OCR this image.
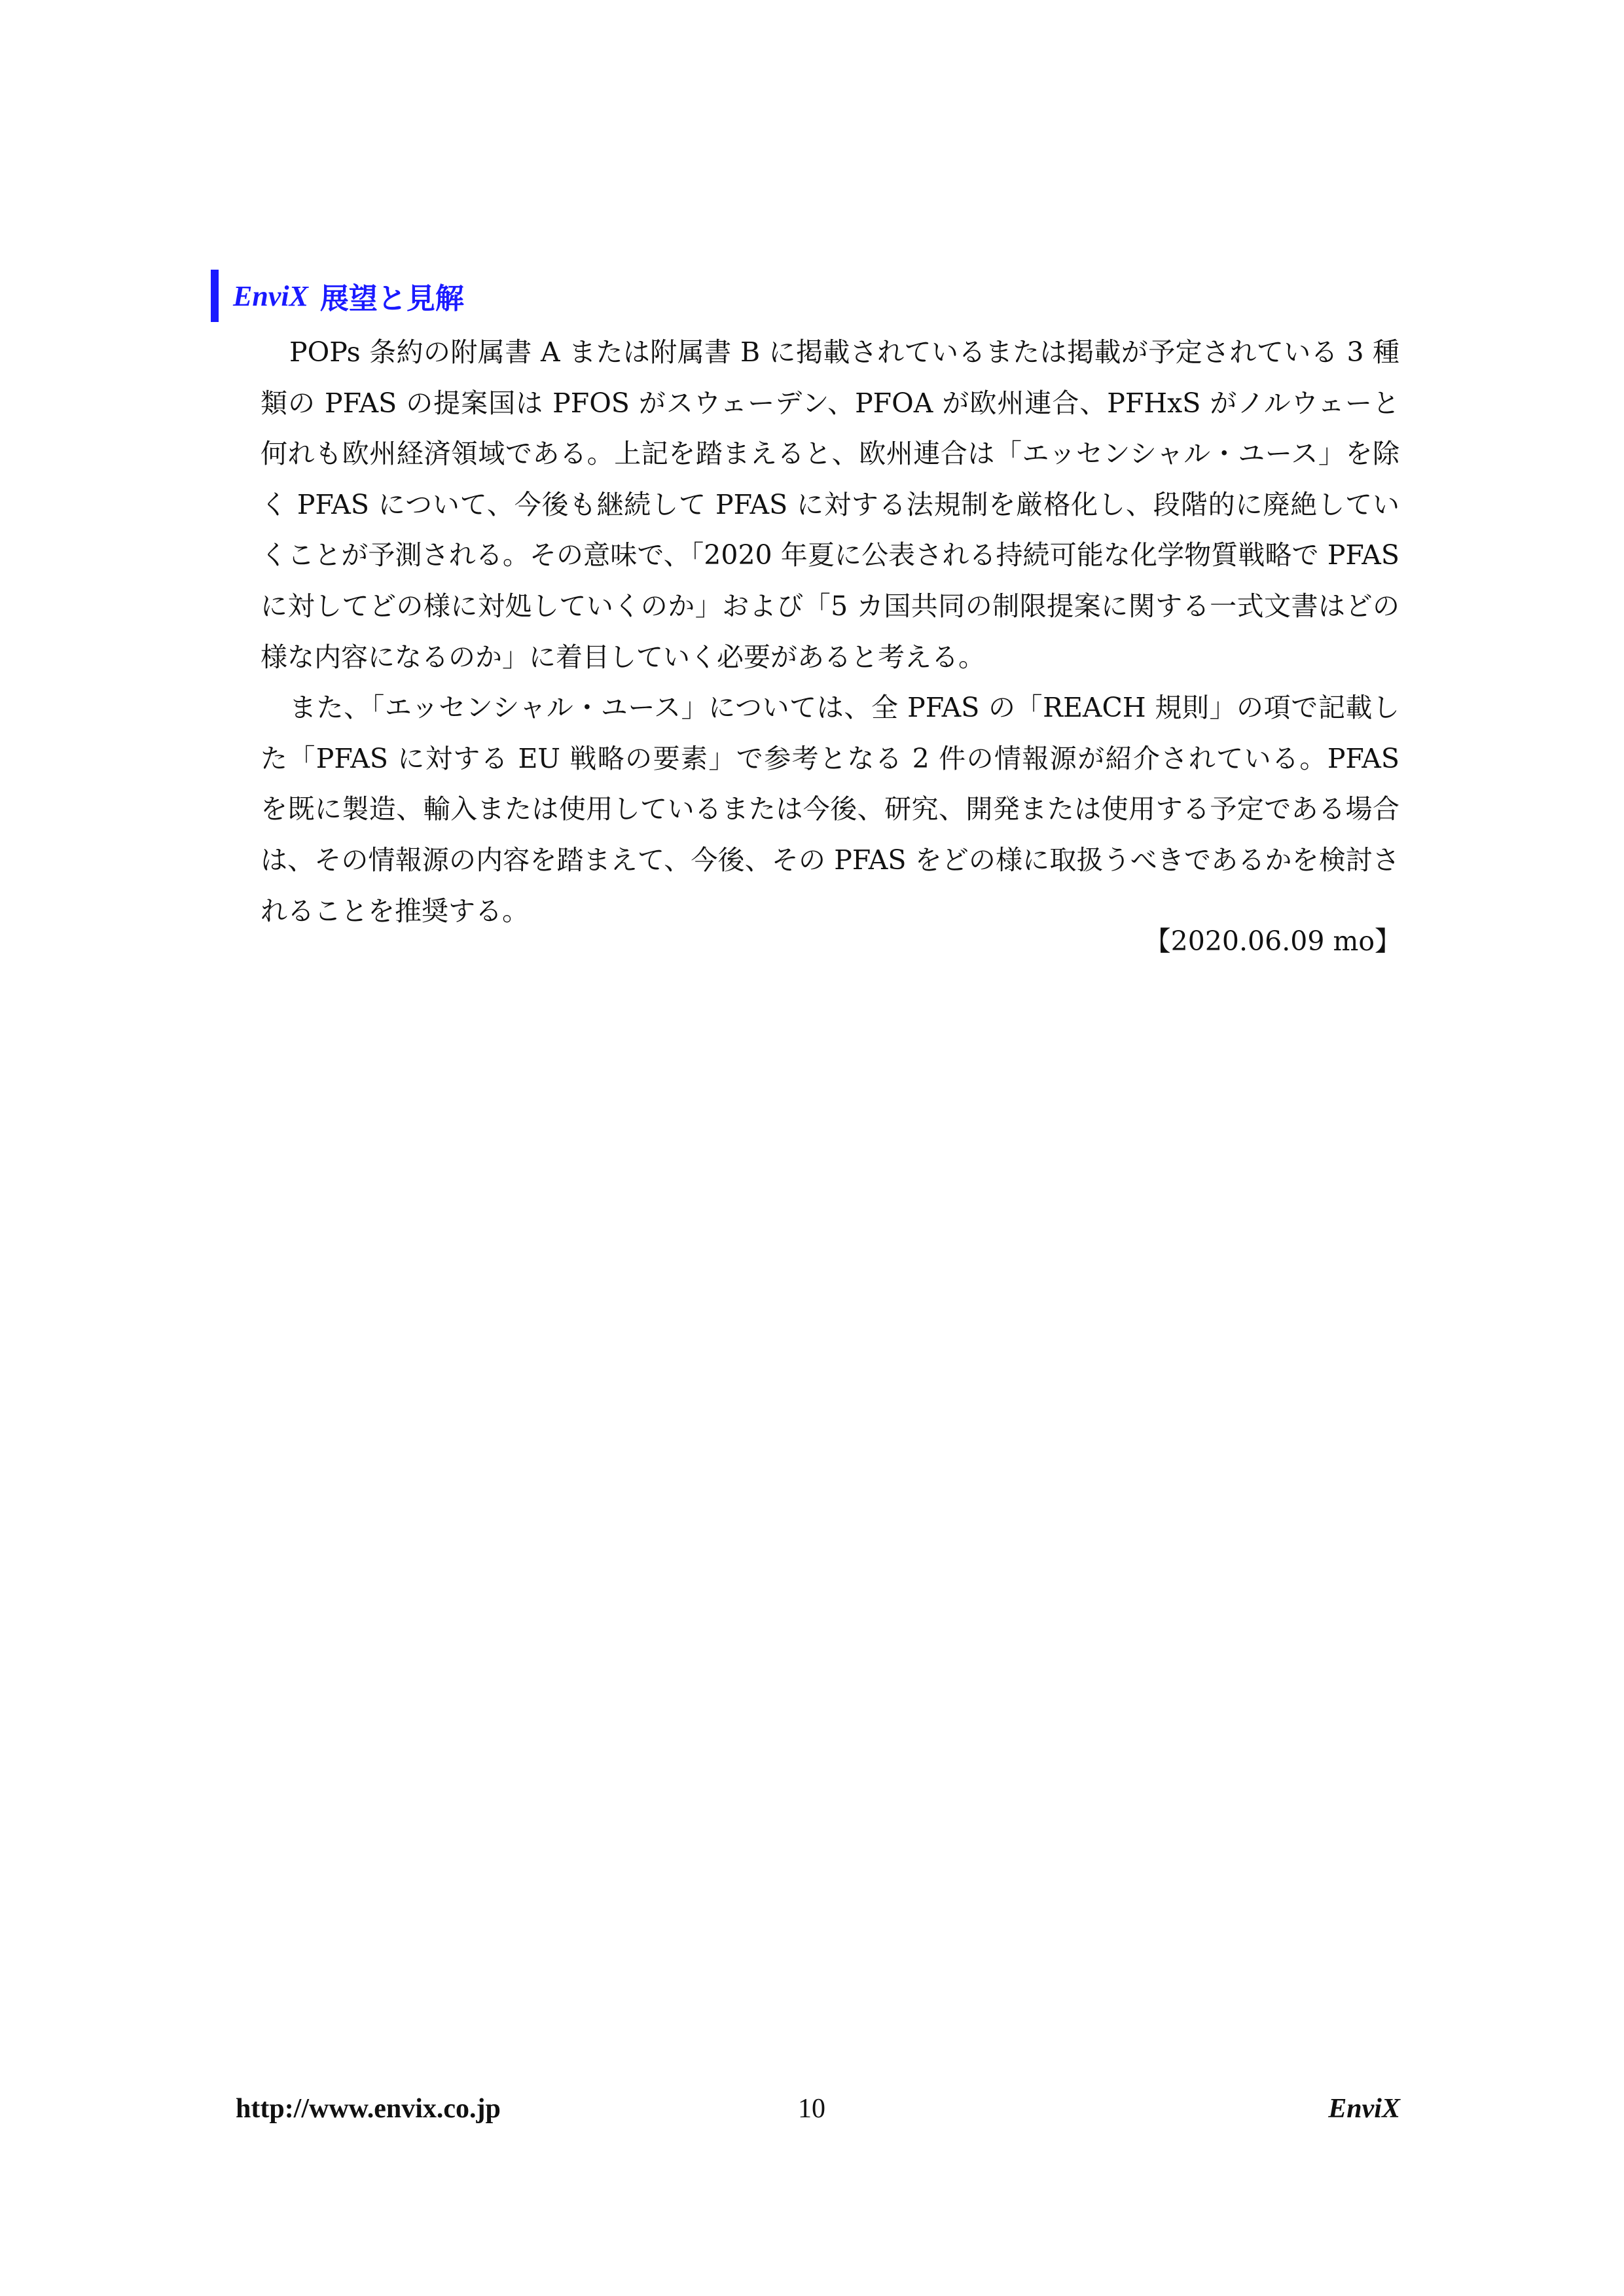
EnviX 展望と見解

POPs 条約の附属書 A または附属書 B に掲載されているまたは掲載が予定されている 3 種類の PFAS の提案国は PFOS がスウェーデン、PFOA が欧州連合、PFHxS がノルウェーと何れも欧州経済領域である。上記を踏まえると、欧州連合は「エッセンシャル・ユース」を除く PFAS について、今後も継続して PFAS に対する法規制を厳格化し、段階的に廃絶していくことが予測される。その意味で、「2020 年夏に公表される持続可能な化学物質戦略で PFAS に対してどの様に対処していくのか」および「5 カ国共同の制限提案に関する一式文書はどの様な内容になるのか」に着目していく必要があると考える。

また、「エッセンシャル・ユース」については、全 PFAS の「REACH 規則」の項で記載した「PFAS に対する EU 戦略の要素」で参考となる 2 件の情報源が紹介されている。PFAS を既に製造、輸入または使用しているまたは今後、研究、開発または使用する予定である場合は、その情報源の内容を踏まえて、今後、その PFAS をどの様に取扱うべきであるかを検討されることを推奨する。

【2020.06.09 mo】
http://www.envix.co.jp	10	EnviX
